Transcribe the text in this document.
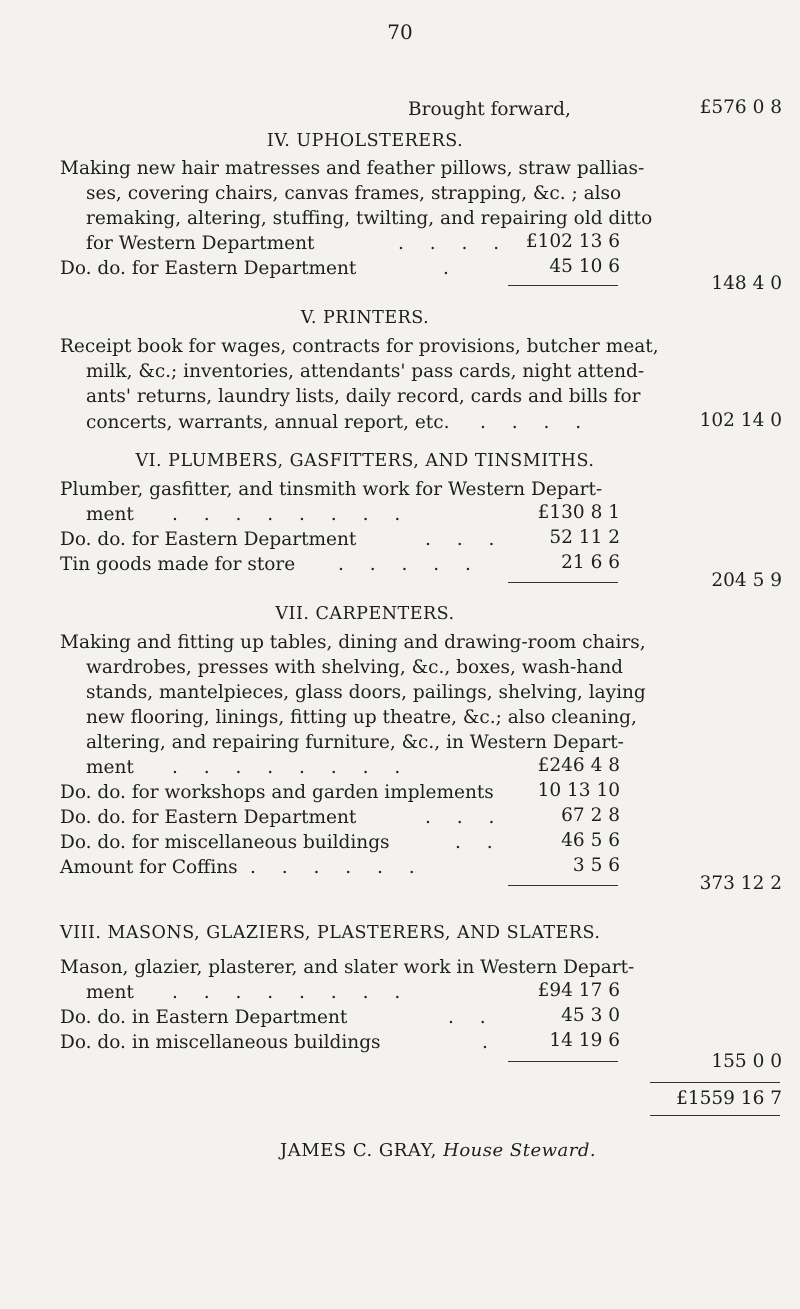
70
Brought forward,	£576 0 8
IV. UPHOLSTERERS.
Making new hair matresses and feather pillows, straw pallias-
ses, covering chairs, canvas frames, strapping, &c. ; also
remaking, altering, stuffing, twilting, and repairing old ditto
for Western Department	. . . . £102 13 6
Do. do. for Eastern Department	.	45 10 6
148 4 0
V. PRINTERS.
Receipt book for wages, contracts for provisions, butcher meat,
milk, &c.; inventories, attendants' pass cards, night attend-
ants' returns, laundry lists, daily record, cards and bills for
concerts, warrants, annual report, etc. . . . .	102 14 0
VI. PLUMBERS, GASFITTERS, AND TINSMITHS.
Plumber, gasfitter, and tinsmith work for Western Depart-
ment . . . . . . . .	£130 8 1
Do. do. for Eastern Department	. . . 52 11 2
Tin goods made for store . . . . .	21 6 6
204 5 9
VII. CARPENTERS.
Making and fitting up tables, dining and drawing-room chairs,
wardrobes, presses with shelving, &c., boxes, wash-hand
stands, mantelpieces, glass doors, pailings, shelving, laying
new flooring, linings, fitting up theatre, &c.; also cleaning,
altering, and repairing furniture, &c., in Western Depart-
ment . . . . . . . .	£246 4 8
Do. do. for workshops and garden implements 10 13 10
Do. do. for Eastern Department	. . .	67 2 8
Do. do. for miscellaneous buildings	. .	46 5 6
Amount for Coffins . . . . . .	3 5 6
373 12 2
VIII. MASONS, GLAZIERS, PLASTERERS, AND SLATERS.
Mason, glazier, plasterer, and slater work in Western Depart-
ment . . . . . . . .	£94 17 6
Do. do. in Eastern Department	. .	45 3 0
Do. do. in miscellaneous buildings	.	14 19 6
155 0 0
£1559 16 7
JAMES C. GRAY, House Steward.
